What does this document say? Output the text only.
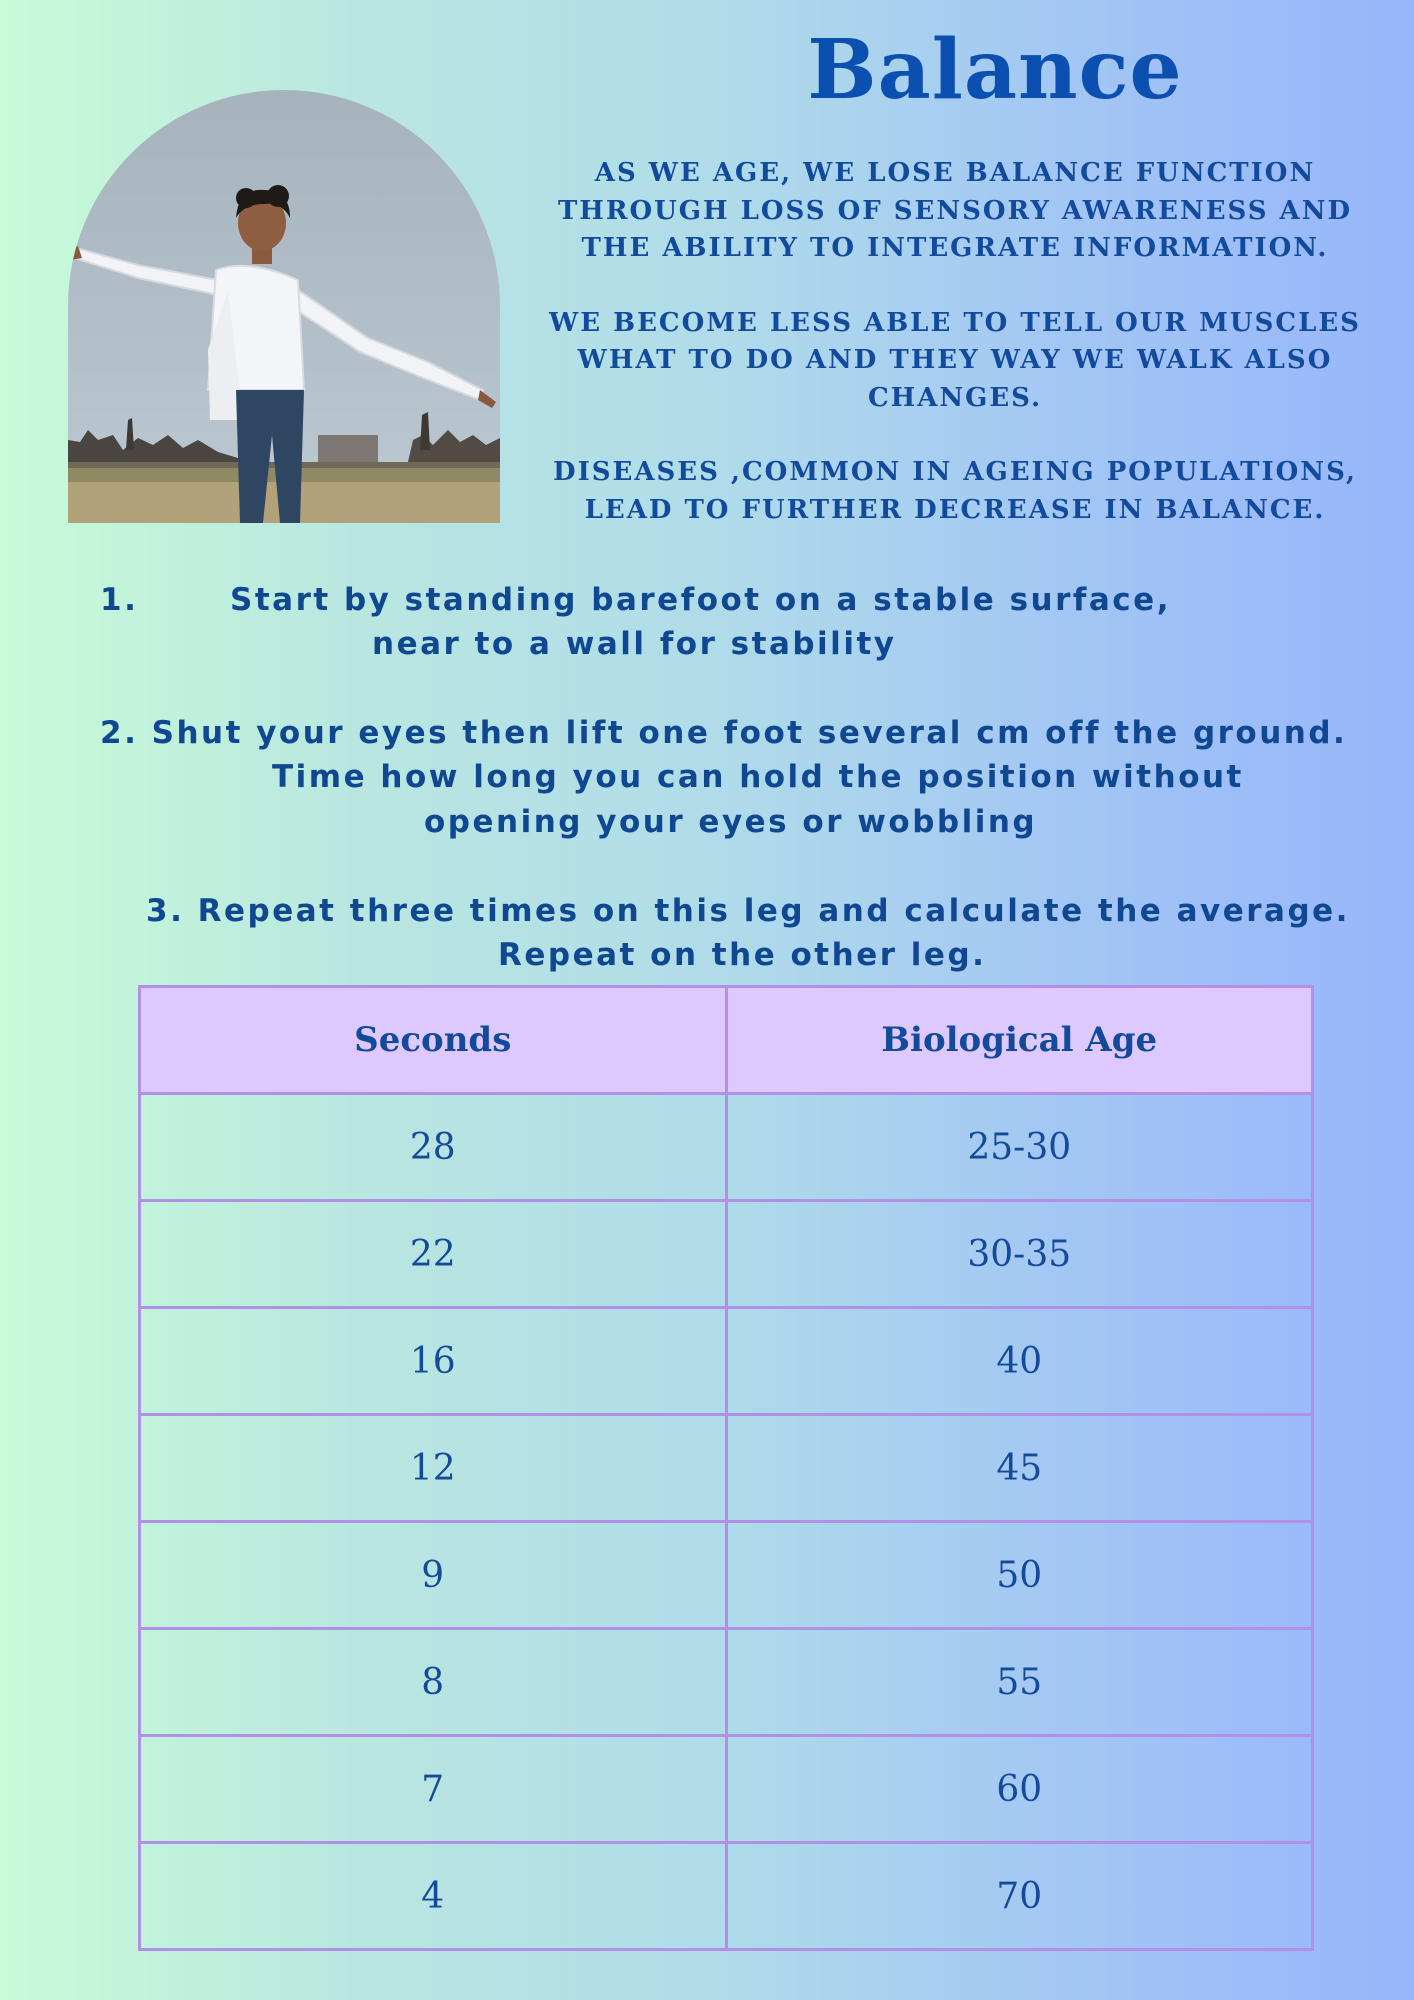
Balance

AS WE AGE, WE LOSE BALANCE FUNCTION
THROUGH LOSS OF SENSORY AWARENESS AND
THE ABILITY TO INTEGRATE INFORMATION.

WE BECOME LESS ABLE TO TELL OUR MUSCLES
WHAT TO DO AND THEY WAY WE WALK ALSO
CHANGES.

DISEASES ,COMMON IN AGEING POPULATIONS,
LEAD TO FURTHER DECREASE IN BALANCE.

1.	Start by standing barefoot on a stable surface,
near to a wall for stability
2. Shut your eyes then lift one foot several cm off the ground.
Time how long you can hold the position without
opening your eyes or wobbling
3. Repeat three times on this leg and calculate the average.
Repeat on the other leg.
Seconds	Biological Age
28	25-30
22	30-35
16	40
12	45
9	50
8	55
7	60
4	70
